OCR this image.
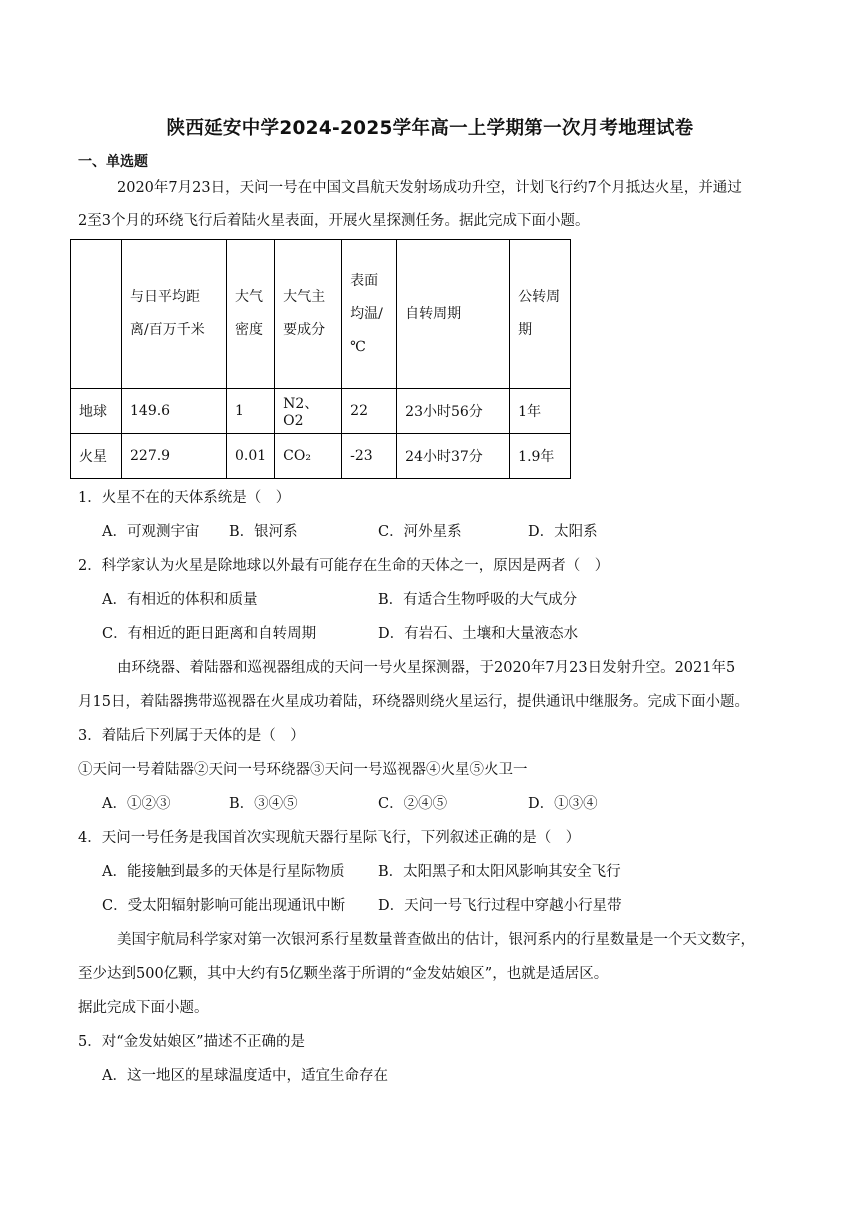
陕西延安中学2024-2025学年高一上学期第一次月考地理试卷
一、单选题
2020年7月23日，天问一号在中国文昌航天发射场成功升空，计划飞行约7个月抵达火星，并通过
2至3个月的环绕飞行后着陆火星表面，开展火星探测任务。据此完成下面小题。
	与日平均距离/百万千米	大气密度	大气主要成分	表面均温/℃	自转周期	公转周期
地球	149.6	1	N2、O2	22	23小时56分	1年
火星	227.9	0.01	CO₂	-23	24小时37分	1.9年
1．火星不在的天体系统是（　）
A．可观测宇宙 B．银河系	C．河外星系	D．太阳系
2．科学家认为火星是除地球以外最有可能存在生命的天体之一，原因是两者（　）
A．有相近的体积和质量	B．有适合生物呼吸的大气成分
C．有相近的距日距离和自转周期	D．有岩石、土壤和大量液态水
由环绕器、着陆器和巡视器组成的天问一号火星探测器，于2020年7月23日发射升空。2021年5
月15日，着陆器携带巡视器在火星成功着陆，环绕器则绕火星运行，提供通讯中继服务。完成下面小题。
3．着陆后下列属于天体的是（　）
①天问一号着陆器②天问一号环绕器③天问一号巡视器④火星⑤火卫一
A．①②③	B．③④⑤	C．②④⑤	D．①③④
4．天问一号任务是我国首次实现航天器行星际飞行，下列叙述正确的是（　）
A．能接触到最多的天体是行星际物质 B．太阳黑子和太阳风影响其安全飞行
C．受太阳辐射影响可能出现通讯中断 D．天问一号飞行过程中穿越小行星带
美国宇航局科学家对第一次银河系行星数量普查做出的估计，银河系内的行星数量是一个天文数字，
至少达到500亿颗，其中大约有5亿颗坐落于所谓的“金发姑娘区”，也就是适居区。
据此完成下面小题。
5．对“金发姑娘区”描述不正确的是
A．这一地区的星球温度适中，适宜生命存在
